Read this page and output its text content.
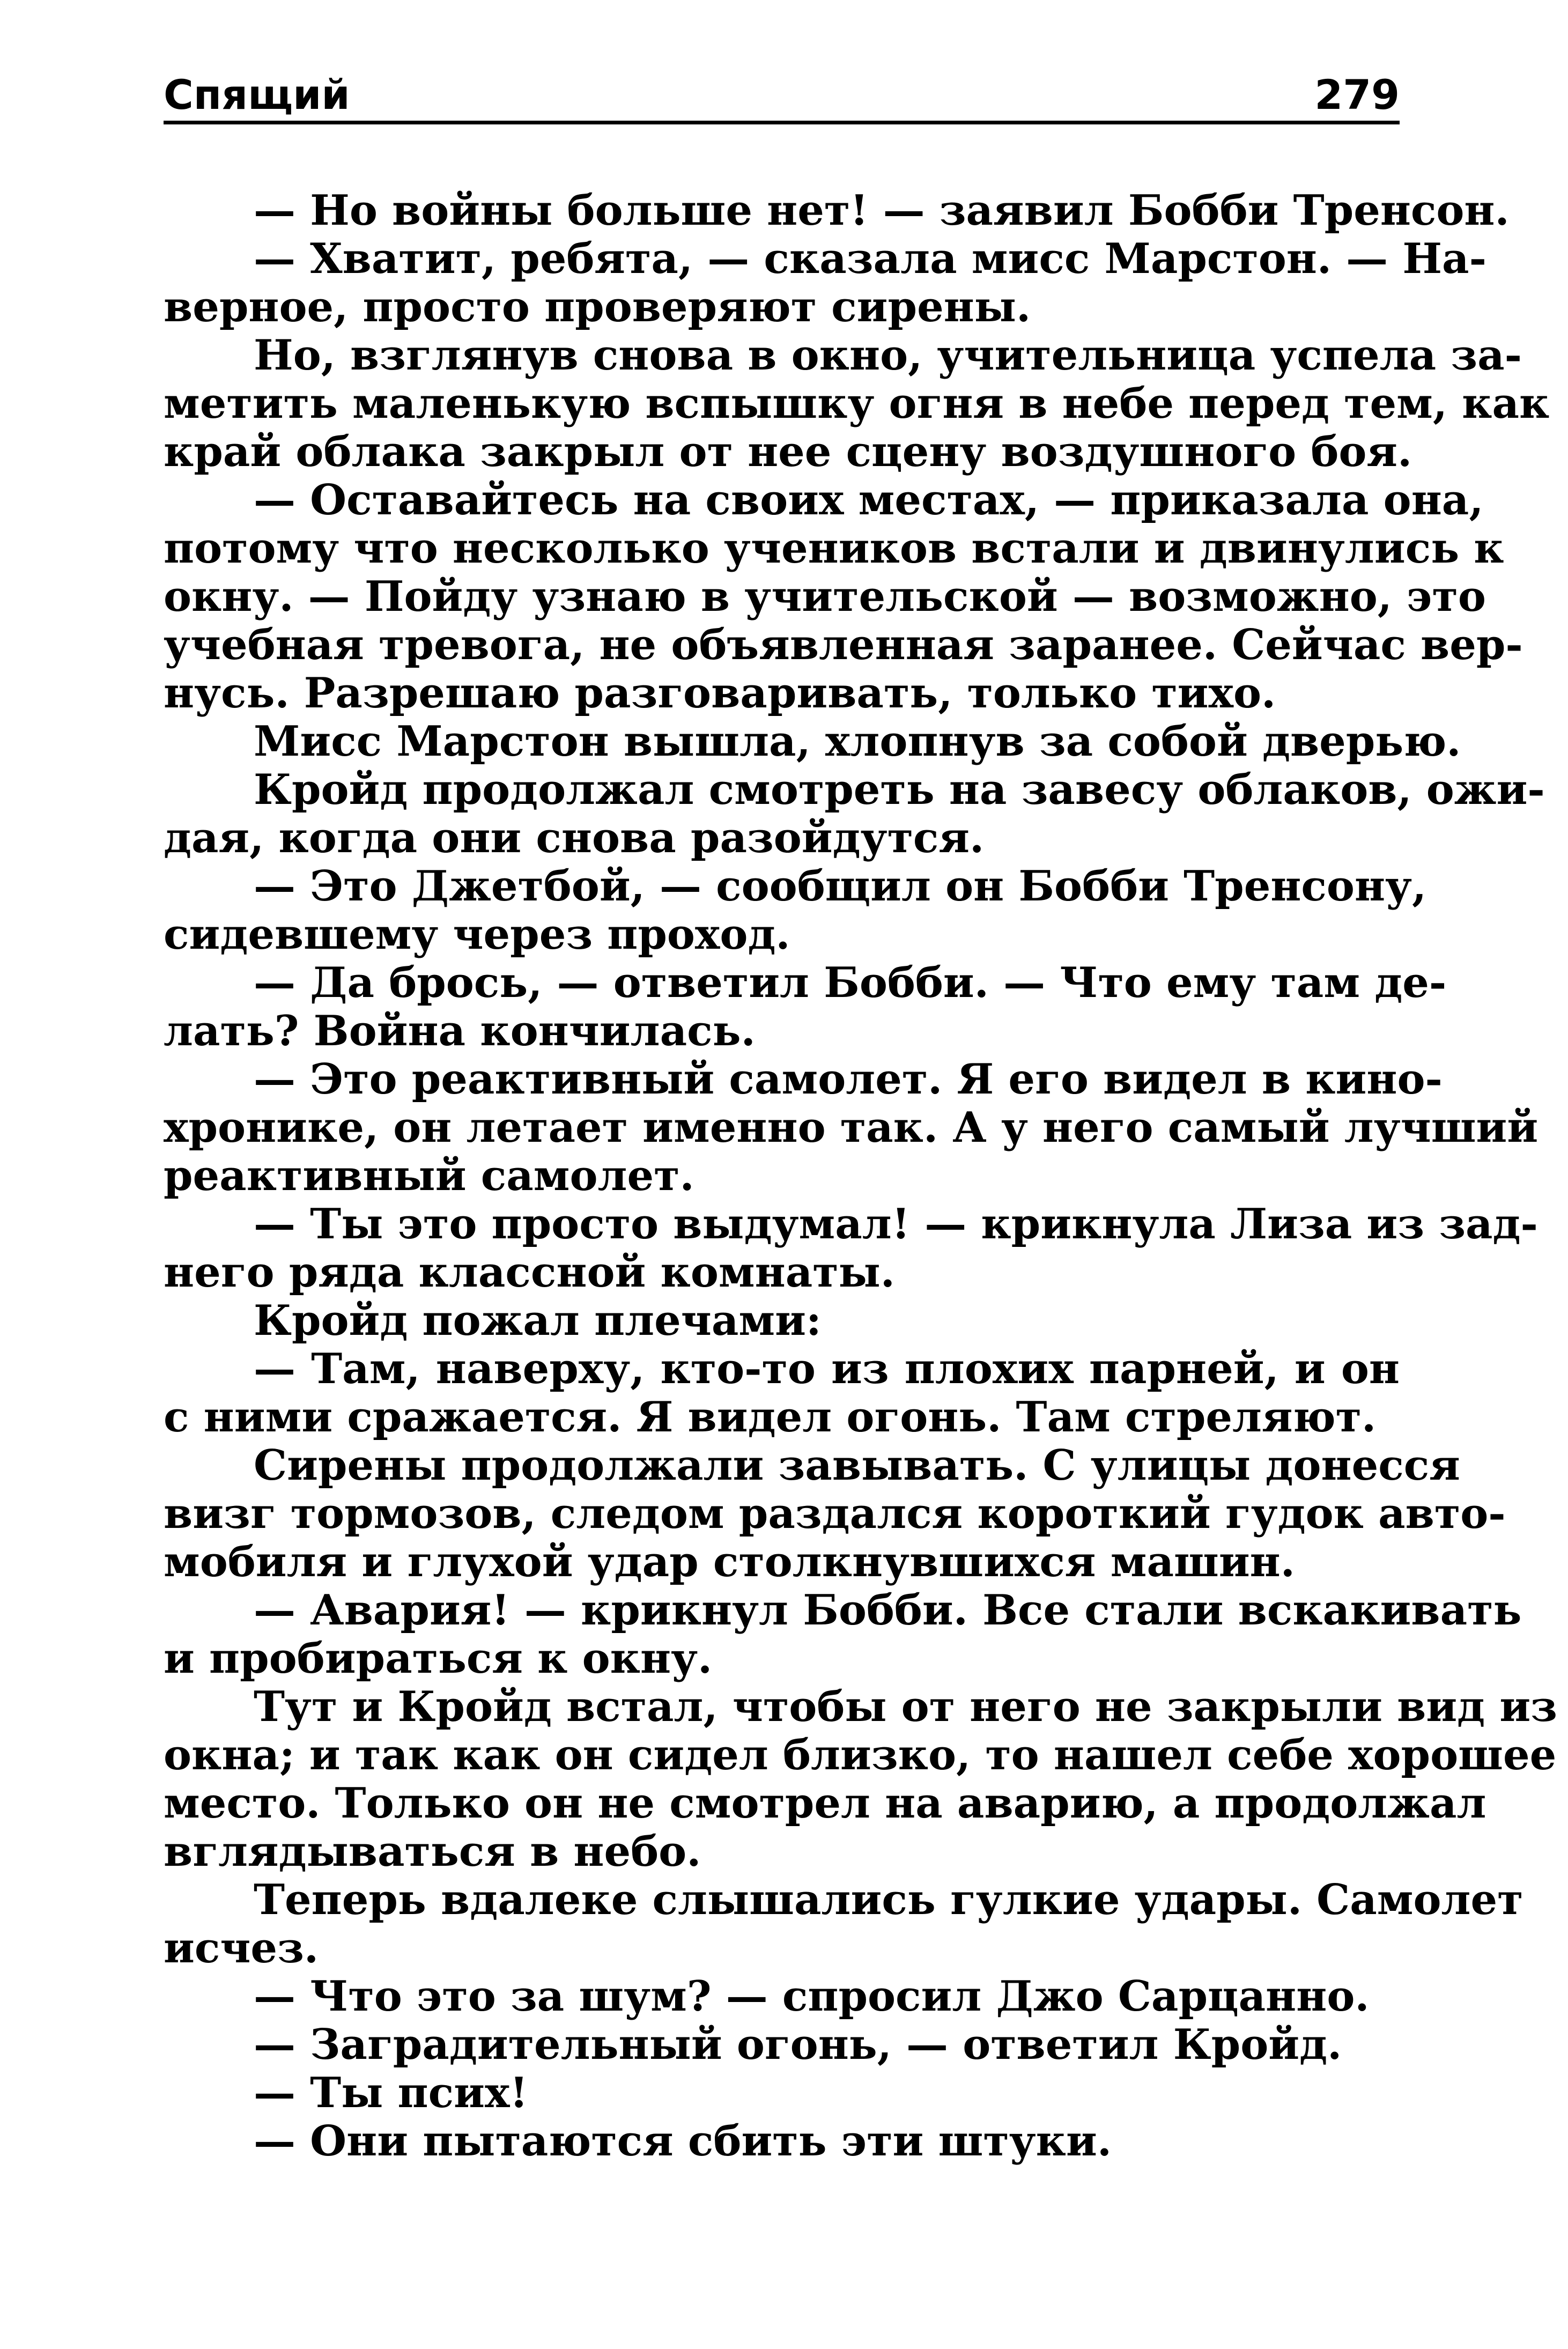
Спящий	279
— Но войны больше нет! — заявил Бобби Тренсон.
— Хватит, ребята, — сказала мисс Марстон. — На-
верное, просто проверяют сирены.
Но, взглянув снова в окно, учительница успела за-
метить маленькую вспышку огня в небе перед тем, как
край облака закрыл от нее сцену воздушного боя.
— Оставайтесь на своих местах, — приказала она,
потому что несколько учеников встали и двинулись к
окну. — Пойду узнаю в учительской — возможно, это
учебная тревога, не объявленная заранее. Сейчас вер-
нусь. Разрешаю разговаривать, только тихо.
Мисс Марстон вышла, хлопнув за собой дверью.
Кройд продолжал смотреть на завесу облаков, ожи-
дая, когда они снова разойдутся.
— Это Джетбой, — сообщил он Бобби Тренсону,
сидевшему через проход.
— Да брось, — ответил Бобби. — Что ему там де-
лать? Война кончилась.
— Это реактивный самолет. Я его видел в кино-
хронике, он летает именно так. А у него самый лучший
реактивный самолет.
— Ты это просто выдумал! — крикнула Лиза из зад-
него ряда классной комнаты.
Кройд пожал плечами:
— Там, наверху, кто-то из плохих парней, и он
с ними сражается. Я видел огонь. Там стреляют.
Сирены продолжали завывать. С улицы донесся
визг тормозов, следом раздался короткий гудок авто-
мобиля и глухой удар столкнувшихся машин.
— Авария! — крикнул Бобби. Все стали вскакивать
и пробираться к окну.
Тут и Кройд встал, чтобы от него не закрыли вид из
окна; и так как он сидел близко, то нашел себе хорошее
место. Только он не смотрел на аварию, а продолжал
вглядываться в небо.
Теперь вдалеке слышались гулкие удары. Самолет
исчез.
— Что это за шум? — спросил Джо Сарцанно.
— Заградительный огонь, — ответил Кройд.
— Ты псих!
— Они пытаются сбить эти штуки.
